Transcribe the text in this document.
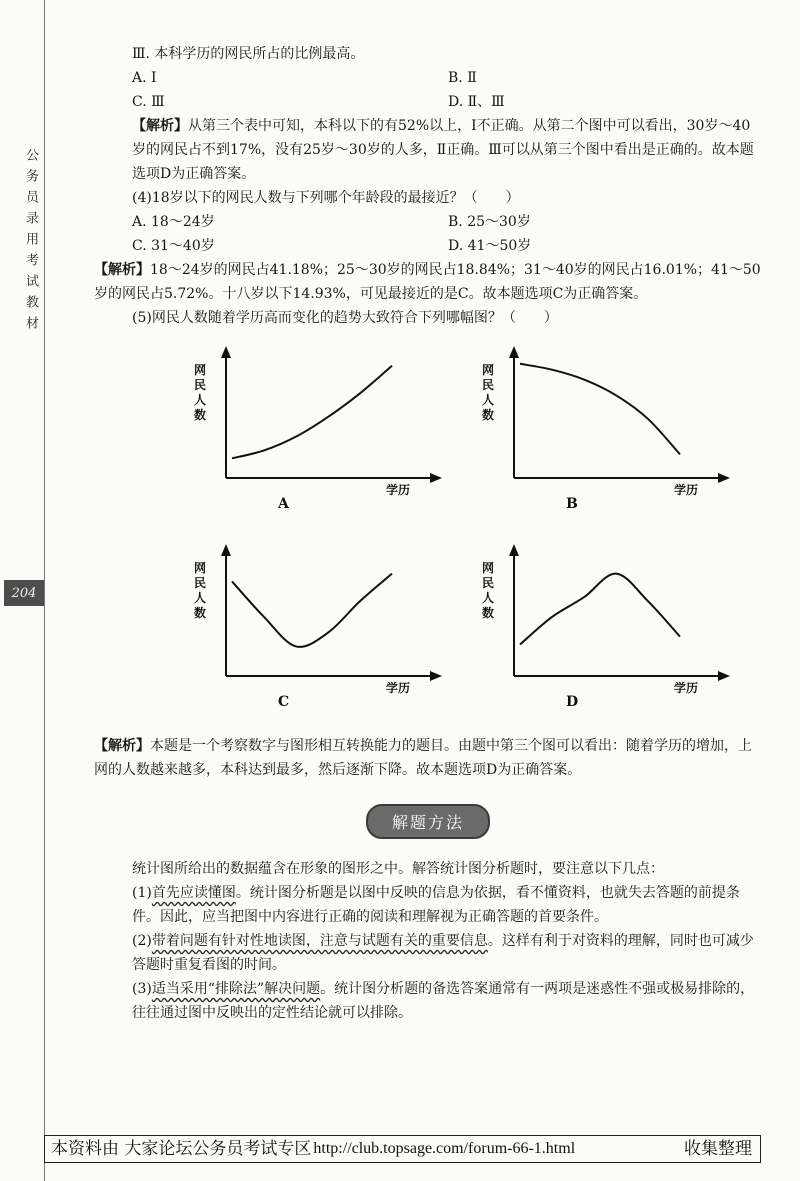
公务员录用考试教材
204

Ⅲ. 本科学历的网民所占的比例最高。

A. Ⅰ	B. Ⅱ
C. Ⅲ	D. Ⅱ、Ⅲ

【解析】从第三个表中可知，本科以下的有52%以上，Ⅰ不正确。从第二个图中可以看出，30岁～40岁的网民占不到17%，没有25岁～30岁的人多，Ⅱ正确。Ⅲ可以从第三个图中看出是正确的。故本题选项D为正确答案。

(4)18岁以下的网民人数与下列哪个年龄段的最接近？（　　）

A. 18～24岁	B. 25～30岁
C. 31～40岁	D. 41～50岁

【解析】18～24岁的网民占41.18%；25～30岁的网民占18.84%；31～40岁的网民占16.01%；41～50岁的网民占5.72%。十八岁以下14.93%，可见最接近的是C。故本题选项C为正确答案。

(5)网民人数随着学历高而变化的趋势大致符合下列哪幅图？（　　）

网民人数
学历
A
网民人数
学历
B
网民人数
学历
C
网民人数
学历
D

【解析】本题是一个考察数字与图形相互转换能力的题目。由题中第三个图可以看出：随着学历的增加，上网的人数越来越多，本科达到最多，然后逐渐下降。故本题选项D为正确答案。

解题方法

统计图所给出的数据蕴含在形象的图形之中。解答统计图分析题时，要注意以下几点：

(1)首先应读懂图。统计图分析题是以图中反映的信息为依据，看不懂资料，也就失去答题的前提条件。因此，应当把图中内容进行正确的阅读和理解视为正确答题的首要条件。

(2)带着问题有针对性地读图，注意与试题有关的重要信息。这样有利于对资料的理解，同时也可减少答题时重复看图的时间。

(3)适当采用“排除法”解决问题。统计图分析题的备选答案通常有一两项是迷惑性不强或极易排除的，往往通过图中反映出的定性结论就可以排除。

本资料由 大家论坛公务员考试专区 http://club.topsage.com/forum-66-1.html	收集整理
